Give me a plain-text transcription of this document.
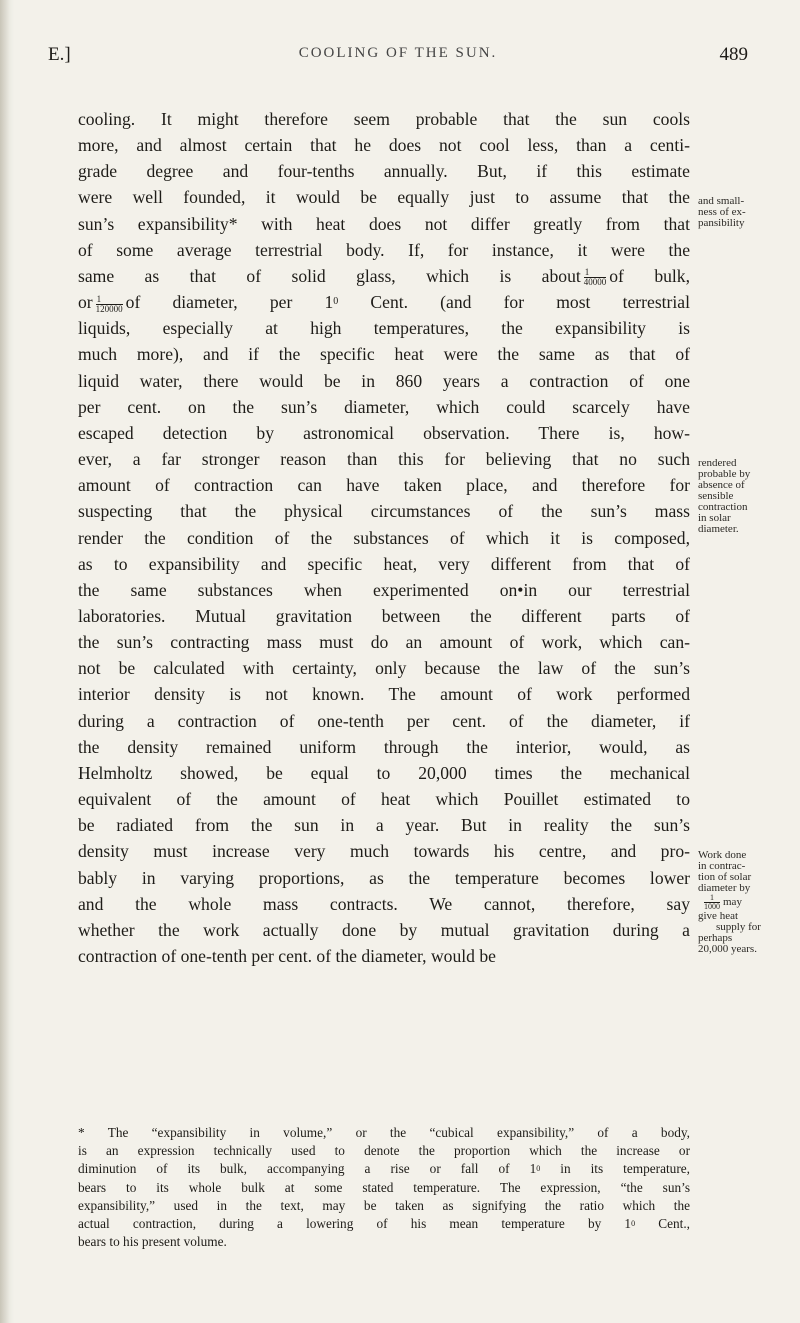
E.]	COOLING OF THE SUN.	489
cooling. It might therefore seem probable that the sun cools
more, and almost certain that he does not cool less, than a centi-
grade degree and four-tenths annually. But, if this estimate
were well founded, it would be equally just to assume that the
sun’s expansibility* with heat does not differ greatly from that
of some average terrestrial body. If, for instance, it were the
same as that of solid glass, which is about $\frac{1}{40000}$ of bulk,
or $\frac{1}{120000}$ of diameter, per $1^0$ Cent. (and for most terrestrial
liquids, especially at high temperatures, the expansibility is
much more), and if the specific heat were the same as that of
liquid water, there would be in 860 years a contraction of one
per cent. on the sun’s diameter, which could scarcely have
escaped detection by astronomical observation. There is, how-
ever, a far stronger reason than this for believing that no such
amount of contraction can have taken place, and therefore for
suspecting that the physical circumstances of the sun’s mass
render the condition of the substances of which it is composed,
as to expansibility and specific heat, very different from that of
the same substances when experimented on•in our terrestrial
laboratories. Mutual gravitation between the different parts of
the sun’s contracting mass must do an amount of work, which can-
not be calculated with certainty, only because the law of the sun’s
interior density is not known. The amount of work performed
during a contraction of one-tenth per cent. of the diameter, if
the density remained uniform through the interior, would, as
Helmholtz showed, be equal to 20,000 times the mechanical
equivalent of the amount of heat which Pouillet estimated to
be radiated from the sun in a year. But in reality the sun’s
density must increase very much towards his centre, and pro-
bably in varying proportions, as the temperature becomes lower
and the whole mass contracts. We cannot, therefore, say
whether the work actually done by mutual gravitation during a
contraction of one-tenth per cent. of the diameter, would be
and small-
ness of ex-
pansibility
rendered
probable by
absence of
sensible
contraction
in solar
diameter.
Work done
in contrac-
tion of solar
diameter by
$\frac{1}{1000}$ may
give heat
supply for
perhaps
20,000 years.
* The “expansibility in volume,” or the “cubical expansibility,” of a body,
is an expression technically used to denote the proportion which the increase or
diminution of its bulk, accompanying a rise or fall of $1^0$ in its temperature,
bears to its whole bulk at some stated temperature. The expression, “the sun’s
expansibility,” used in the text, may be taken as signifying the ratio which the
actual contraction, during a lowering of his mean temperature by $1^0$ Cent.,
bears to his present volume.
